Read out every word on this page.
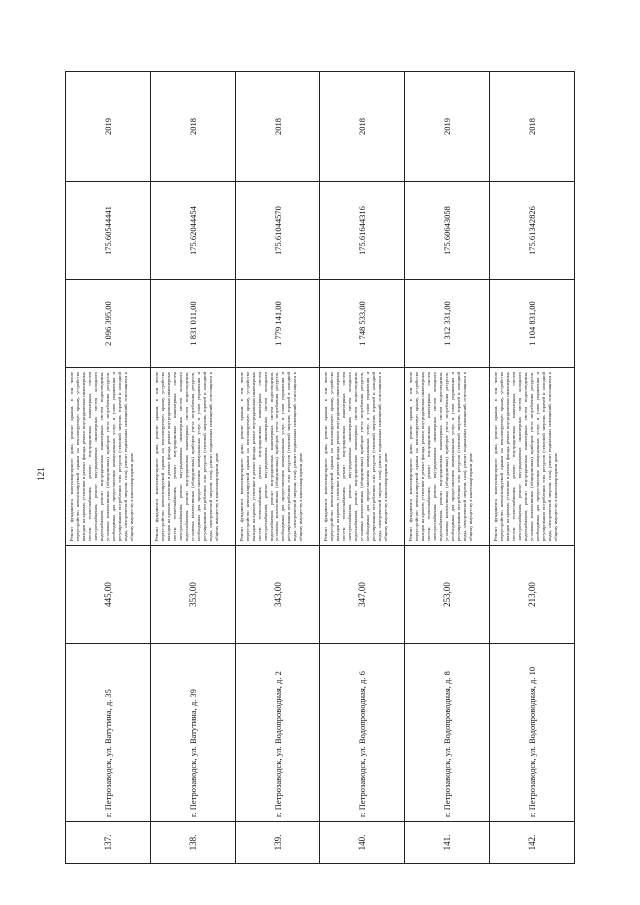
121
137.	г. Петрозаводск, ул. Ватутина, д. 35	445,00	Ремонт фундамента многоквартирного дома, ремонт крыши, в том числе переустройство невентилируемой крыши на вентилируемую крышу, устройство выходов на кровлю, утепление и ремонт фасада, ремонт внутридомовых инженерных систем теплоснабжения, ремонт внутридомовых инженерных систем электроснабжения, ремонт внутридомовых инженерных систем холодного водоснабжения, ремонт внутридомовых инженерных систем водоотведения, установка коллективных (общедомовых) приборов учета потребления ресурсов, необходимых для предоставления коммунальных услуг, и узлов управления и регулирования потребления этих ресурсов (тепловой энергии, горячей и холодной воды, электрической энергии, газа), ремонт подвальных помещений, относящихся к общему имуществу в многоквартирном доме	2 096 395,00	175.60544441	2019
138.	г. Петрозаводск, ул. Ватутина, д. 39	353,00	Ремонт фундамента многоквартирного дома, ремонт крыши, в том числе переустройство невентилируемой крыши на вентилируемую крышу, устройство выходов на кровлю, утепление и ремонт фасада, ремонт внутридомовых инженерных систем теплоснабжения, ремонт внутридомовых инженерных систем электроснабжения, ремонт внутридомовых инженерных систем холодного водоснабжения, ремонт внутридомовых инженерных систем водоотведения, установка коллективных (общедомовых) приборов учета потребления ресурсов, необходимых для предоставления коммунальных услуг, и узлов управления и регулирования потребления этих ресурсов (тепловой энергии, горячей и холодной воды, электрической энергии, газа), ремонт подвальных помещений, относящихся к общему имуществу в многоквартирном доме	1 831 011,00	175.62044454	2018
139.	г. Петрозаводск, ул. Водопроводная, д. 2	343,00	Ремонт фундамента многоквартирного дома, ремонт крыши, в том числе переустройство невентилируемой крыши на вентилируемую крышу, устройство выходов на кровлю, утепление и ремонт фасада, ремонт внутридомовых инженерных систем теплоснабжения, ремонт внутридомовых инженерных систем электроснабжения, ремонт внутридомовых инженерных систем холодного водоснабжения, ремонт внутридомовых инженерных систем водоотведения, установка коллективных (общедомовых) приборов учета потребления ресурсов, необходимых для предоставления коммунальных услуг, и узлов управления и регулирования потребления этих ресурсов (тепловой энергии, горячей и холодной воды, электрической энергии, газа), ремонт подвальных помещений, относящихся к общему имуществу в многоквартирном доме	1 779 141,00	175.61044570	2018
140.	г. Петрозаводск, ул. Водопроводная, д. 6	347,00	Ремонт фундамента многоквартирного дома, ремонт крыши, в том числе переустройство невентилируемой крыши на вентилируемую крышу, устройство выходов на кровлю, утепление и ремонт фасада, ремонт внутридомовых инженерных систем теплоснабжения, ремонт внутридомовых инженерных систем электроснабжения, ремонт внутридомовых инженерных систем холодного водоснабжения, ремонт внутридомовых инженерных систем водоотведения, установка коллективных (общедомовых) приборов учета потребления ресурсов, необходимых для предоставления коммунальных услуг, и узлов управления и регулирования потребления этих ресурсов (тепловой энергии, горячей и холодной воды, электрической энергии, газа), ремонт подвальных помещений, относящихся к общему имуществу в многоквартирном доме	1 748 533,00	175.61644316	2018
141.	г. Петрозаводск, ул. Водопроводная, д. 8	253,00	Ремонт фундамента многоквартирного дома, ремонт крыши, в том числе переустройство невентилируемой крыши на вентилируемую крышу, устройство выходов на кровлю, утепление и ремонт фасада, ремонт внутридомовых инженерных систем теплоснабжения, ремонт внутридомовых инженерных систем электроснабжения, ремонт внутридомовых инженерных систем холодного водоснабжения, ремонт внутридомовых инженерных систем водоотведения, установка коллективных (общедомовых) приборов учета потребления ресурсов, необходимых для предоставления коммунальных услуг, и узлов управления и регулирования потребления этих ресурсов (тепловой энергии, горячей и холодной воды, электрической энергии, газа), ремонт подвальных помещений, относящихся к общему имуществу в многоквартирном доме	1 312 331,00	175.60643058	2019
142.	г. Петрозаводск, ул. Водопроводная, д. 10	213,00	Ремонт фундамента многоквартирного дома, ремонт крыши, в том числе переустройство невентилируемой крыши на вентилируемую крышу, устройство выходов на кровлю, утепление и ремонт фасада, ремонт внутридомовых инженерных систем теплоснабжения, ремонт внутридомовых инженерных систем электроснабжения, ремонт внутридомовых инженерных систем холодного водоснабжения, ремонт внутридомовых инженерных систем водоотведения, установка коллективных (общедомовых) приборов учета потребления ресурсов, необходимых для предоставления коммунальных услуг, и узлов управления и регулирования потребления этих ресурсов (тепловой энергии, горячей и холодной воды, электрической энергии, газа), ремонт подвальных помещений, относящихся к общему имуществу в многоквартирном доме	1 104 831,00	175.61342826	2018
